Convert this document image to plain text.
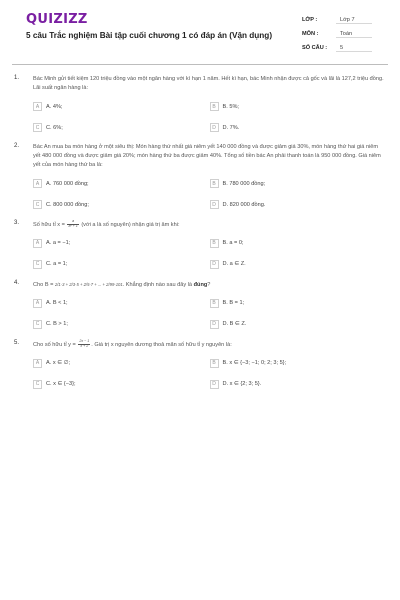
QUIZIZZ
5 câu Trắc nghiệm Bài tập cuối chương 1 có đáp án (Vận dụng)
LỚP :	Lớp 7
MÔN :	Toán
SỐ CÂU :	5
1. Bác Minh gửi tiết kiệm 120 triệu đồng vào một ngân hàng với kì hạn 1 năm. Hết kì hạn, bác Minh nhận được cả gốc và lãi là 127,2 triệu đồng. Lãi suất ngân hàng là:
A	A. 4%;	B	B. 5%;
C	C. 6%;	D	D. 7%.
2. Bác An mua ba món hàng ở một siêu thị: Món hàng thứ nhất giá niêm yết 140 000 đồng và được giảm giá 30%, món hàng thứ hai giá niêm yết 480 000 đồng và được giảm giá 20%; món hàng thứ ba được giảm 40%. Tổng số tiền bác An phải thanh toán là 950 000 đồng. Giá niêm yết của món hàng thứ ba là:
A	A. 760 000 đồng;	B	B. 780 000 đồng;
C	C. 800 000 đồng;	D	D. 820 000 đồng.
3. Số hữu tỉ $x = \frac{a}{\text{a² + 1}}$ (với a là số nguyên) nhận giá trị âm khi:
A	A. a = −1;	B	B. a = 0;
C	C. a = 1;	D	D. a ∈ Z.
4. Cho B = 2/1·3 + 2/3·5 + 2/5·7 + ... + 2/99·101. Khẳng định nào sau đây là đúng?
A	A. B < 1;	B	B. B = 1;
C	C. B > 1;	D	D. B ∈ Z.
5. Cho số hữu tỉ $y = \frac{2x - 1}{x + 2}$ . Giá trị x nguyên dương thoả mãn số hữu tỉ y nguyên là:
A	A. x ∈ ∅;	B	B. x ∈ {−3; −1; 0; 2; 3; 5};
C	C. x ∈ {−3};	D	D. x ∈ {2; 3; 5}.
